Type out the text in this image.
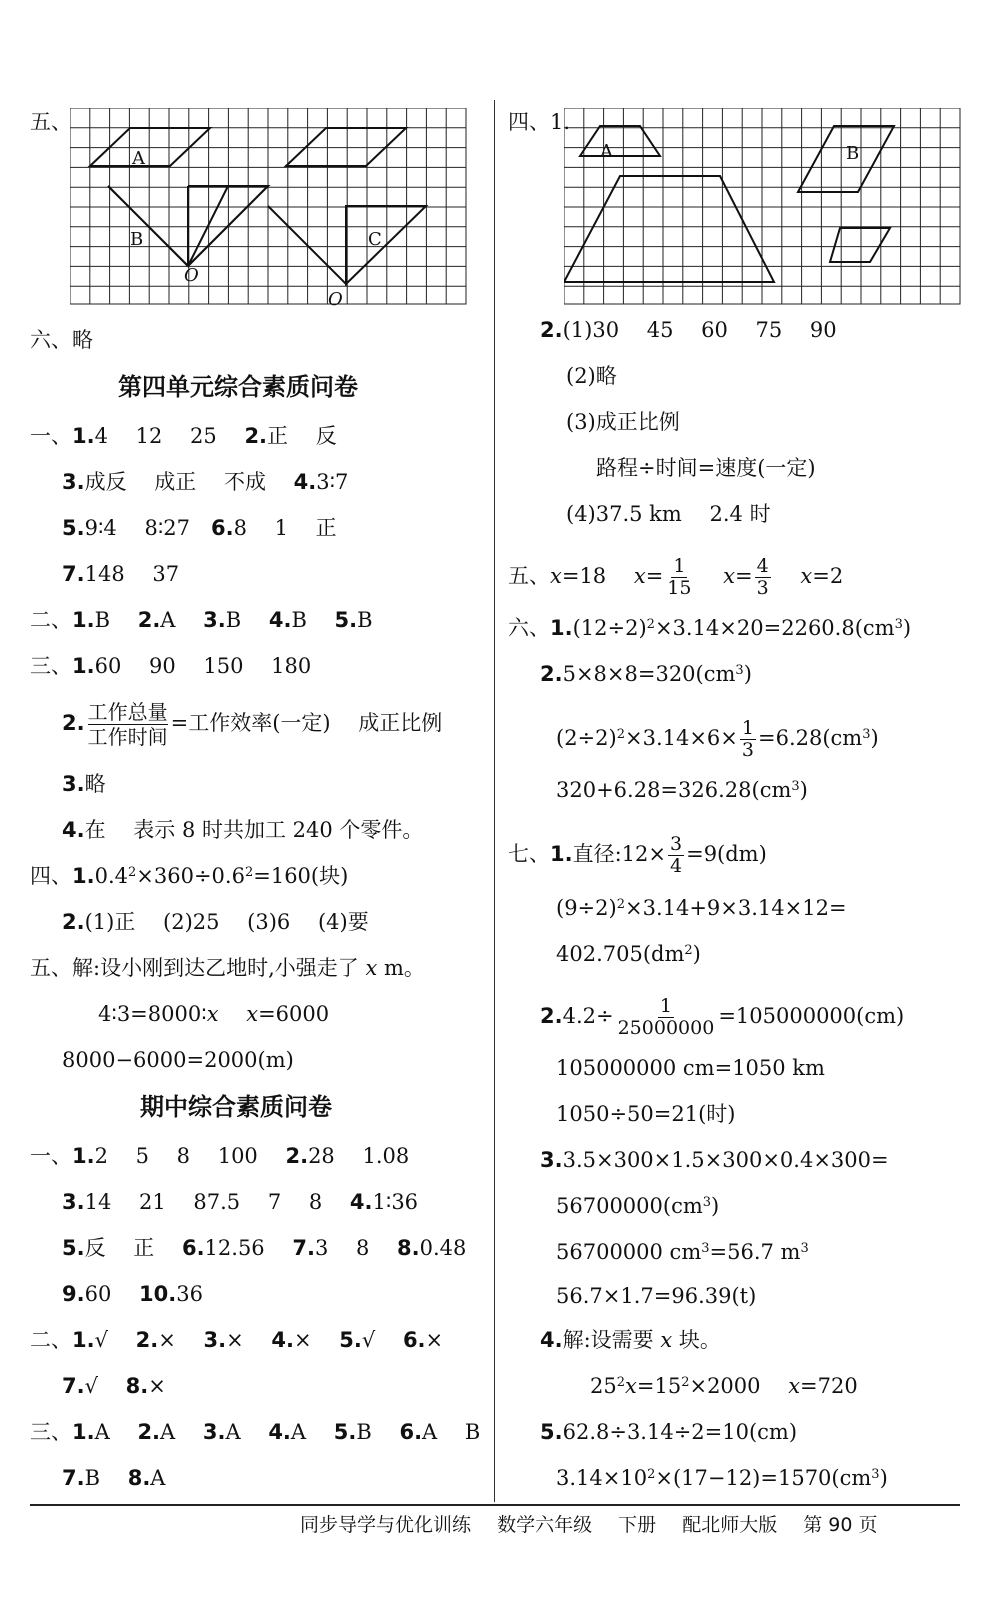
五、
A
B	C
O
O
六、略
第四单元综合素质问卷
一、1.4　 12　 25　 2.正　 反
3.成反　 成正　 不成　 4.3∶7
5.9∶4　 8∶27　6.8　 1　 正
7.148　 37
二、1.B　 2.A　 3.B　 4.B　 5.B
三、1.60　 90　 150　 180
2. $\frac{\text{工作总量}}{\text{工作时间}}$ =工作效率(一定)　 成正比例
3.略
4.在　 表示 8 时共加工 240 个零件。
四、$1.0.4^2\times 360\div 0.6^2=160$(块)
2.(1)正　 (2)25　 (3)6　 (4)要
五、解:设小刚到达乙地时,小强走了 x m。
4∶3=8000∶x　 x=6000
8000−6000=2000(m)
期中综合素质问卷
一、1.2　 5　 8　 100　 2.28　 1.08
3.14　 21　 87.5　 7　 8　 4.1∶36
5.反　 正　 6.12.56　 7.3　 8　 8.0.48
9.60　 10.36
二、1.√　 2.×　 3.×　 4.×　 5.√　 6.×
7.√　 8.×
三、1.A　 2.A　 3.A　 4.A　 5.B　 6.A　 B
7.B　 8.A
四、1.
A	B
2.(1)30　 45　 60　 75　 90
(2)略
(3)成正比例
路程÷时间=速度(一定)
(4)37.5 km　 2.4 时
五、x=18　 $x= \frac{1}{15}$
　 $x= \frac{4}{3}$
　 x=2
六、$1.(12\div 2)^2\times 3.14\times 20=2260.8(cm^3)$
$2.5\times 8\times 8=320(cm^3)$
$(2\div 2)^2\times 3.14\times 6\times \frac{1}{3} =6.28(cm^3)$
$320+6.28=326.28(cm^3)$
七、1.直径:12× $\frac{3}{4} =9(dm)$
$(9\div 2)^2\times 3.14+9\times 3.14\times 12=$
$402.705(dm^2)$
$2.4.2\div \frac{1}{25000000} =105000000(cm)$
105000000 cm=1050 km
1050÷50=21(时)
3.3.5×300×1.5×300×0.4×300=
$56700000(cm^3)$
56700000 $cm^3=56.7$ $m^3$
56.7×1.7=96.39(t)
4.解:设需要 x 块。
$25^2x=15^2\times 2000$　 x=720
5.62.8÷3.14÷2=10(cm)
$3.14\times 10^2\times(17-12)=1570(cm^3)$
同步导学与优化训练 数学六年级 下册 配北师大版 第 90 页
